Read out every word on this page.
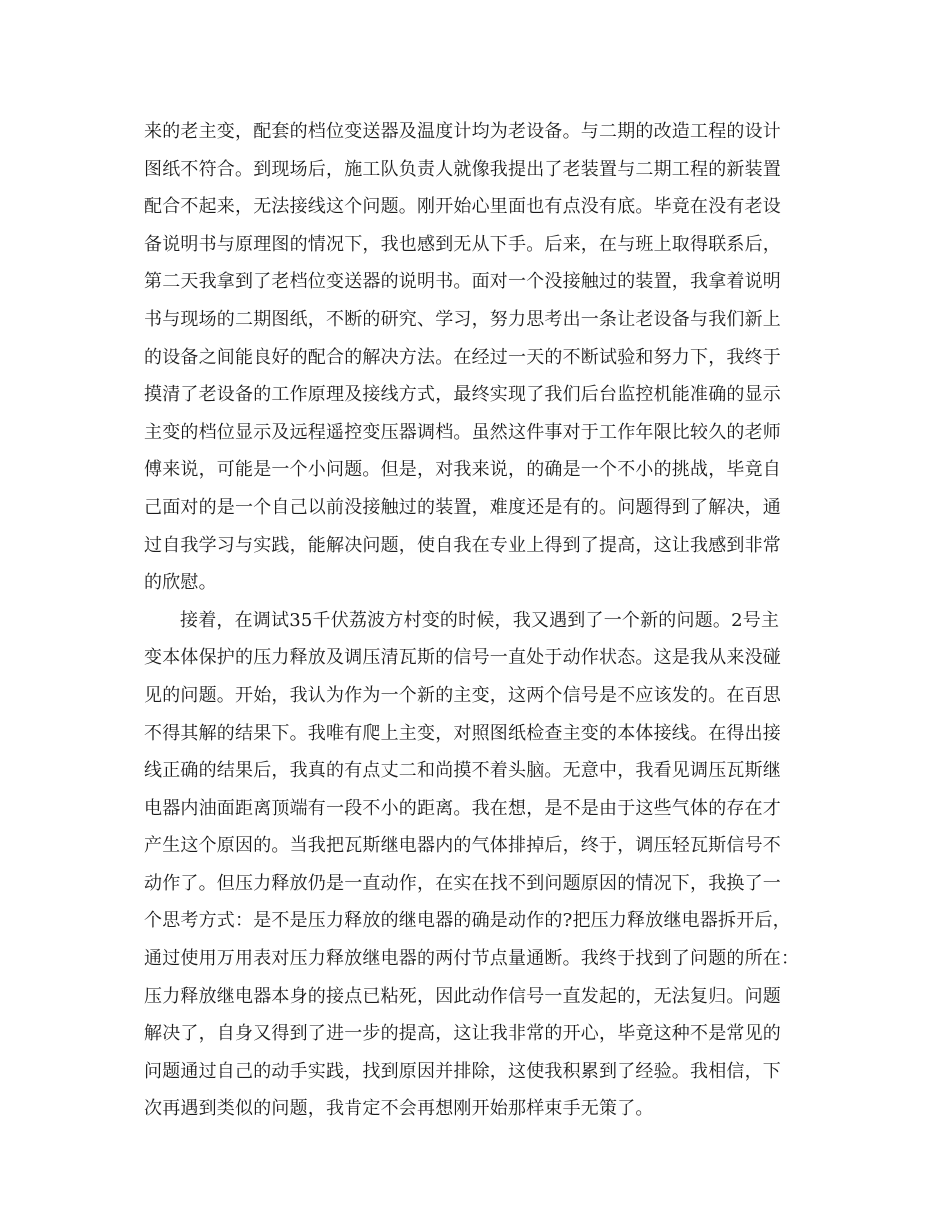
来的老主变，配套的档位变送器及温度计均为老设备。与二期的改造工程的设计
图纸不符合。到现场后，施工队负责人就像我提出了老装置与二期工程的新装置
配合不起来，无法接线这个问题。刚开始心里面也有点没有底。毕竟在没有老设
备说明书与原理图的情况下，我也感到无从下手。后来，在与班上取得联系后，
第二天我拿到了老档位变送器的说明书。面对一个没接触过的装置，我拿着说明
书与现场的二期图纸，不断的研究、学习，努力思考出一条让老设备与我们新上
的设备之间能良好的配合的解决方法。在经过一天的不断试验和努力下，我终于
摸清了老设备的工作原理及接线方式，最终实现了我们后台监控机能准确的显示
主变的档位显示及远程遥控变压器调档。虽然这件事对于工作年限比较久的老师
傅来说，可能是一个小问题。但是，对我来说，的确是一个不小的挑战，毕竟自
己面对的是一个自己以前没接触过的装置，难度还是有的。问题得到了解决，通
过自我学习与实践，能解决问题，使自我在专业上得到了提高，这让我感到非常
的欣慰。
接着，在调试35千伏荔波方村变的时候，我又遇到了一个新的问题。2号主
变本体保护的压力释放及调压清瓦斯的信号一直处于动作状态。这是我从来没碰
见的问题。开始，我认为作为一个新的主变，这两个信号是不应该发的。在百思
不得其解的结果下。我唯有爬上主变，对照图纸检查主变的本体接线。在得出接
线正确的结果后，我真的有点丈二和尚摸不着头脑。无意中，我看见调压瓦斯继
电器内油面距离顶端有一段不小的距离。我在想，是不是由于这些气体的存在才
产生这个原因的。当我把瓦斯继电器内的气体排掉后，终于，调压轻瓦斯信号不
动作了。但压力释放仍是一直动作，在实在找不到问题原因的情况下，我换了一
个思考方式：是不是压力释放的继电器的确是动作的?把压力释放继电器拆开后，
通过使用万用表对压力释放继电器的两付节点量通断。我终于找到了问题的所在：
压力释放继电器本身的接点已粘死，因此动作信号一直发起的，无法复归。问题
解决了，自身又得到了进一步的提高，这让我非常的开心，毕竟这种不是常见的
问题通过自己的动手实践，找到原因并排除，这使我积累到了经验。我相信，下
次再遇到类似的问题，我肯定不会再想刚开始那样束手无策了。
